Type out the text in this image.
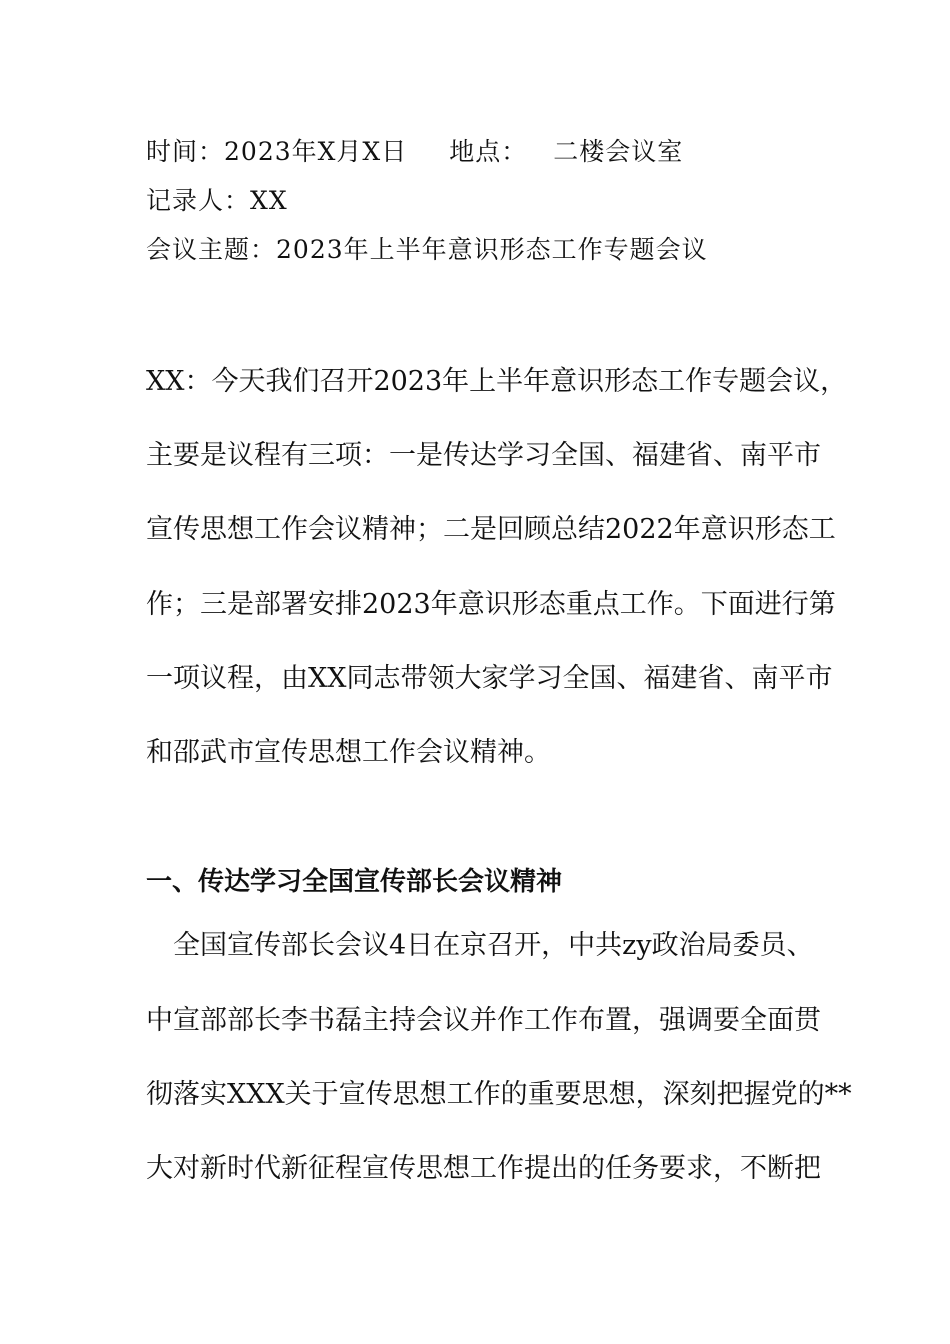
时间：2023年X月X日 地点： 二楼会议室
记录人：XX
会议主题：2023年上半年意识形态工作专题会议
XX：今天我们召开2023年上半年意识形态工作专题会议，
主要是议程有三项：一是传达学习全国、福建省、南平市
宣传思想工作会议精神；二是回顾总结2022年意识形态工
作；三是部署安排2023年意识形态重点工作。下面进行第
一项议程，由XX同志带领大家学习全国、福建省、南平市
和邵武市宣传思想工作会议精神。
一、传达学习全国宣传部长会议精神
　全国宣传部长会议4日在京召开，中共zy政治局委员、
中宣部部长李书磊主持会议并作工作布置，强调要全面贯
彻落实XXX关于宣传思想工作的重要思想，深刻把握党的**
大对新时代新征程宣传思想工作提出的任务要求，不断把
